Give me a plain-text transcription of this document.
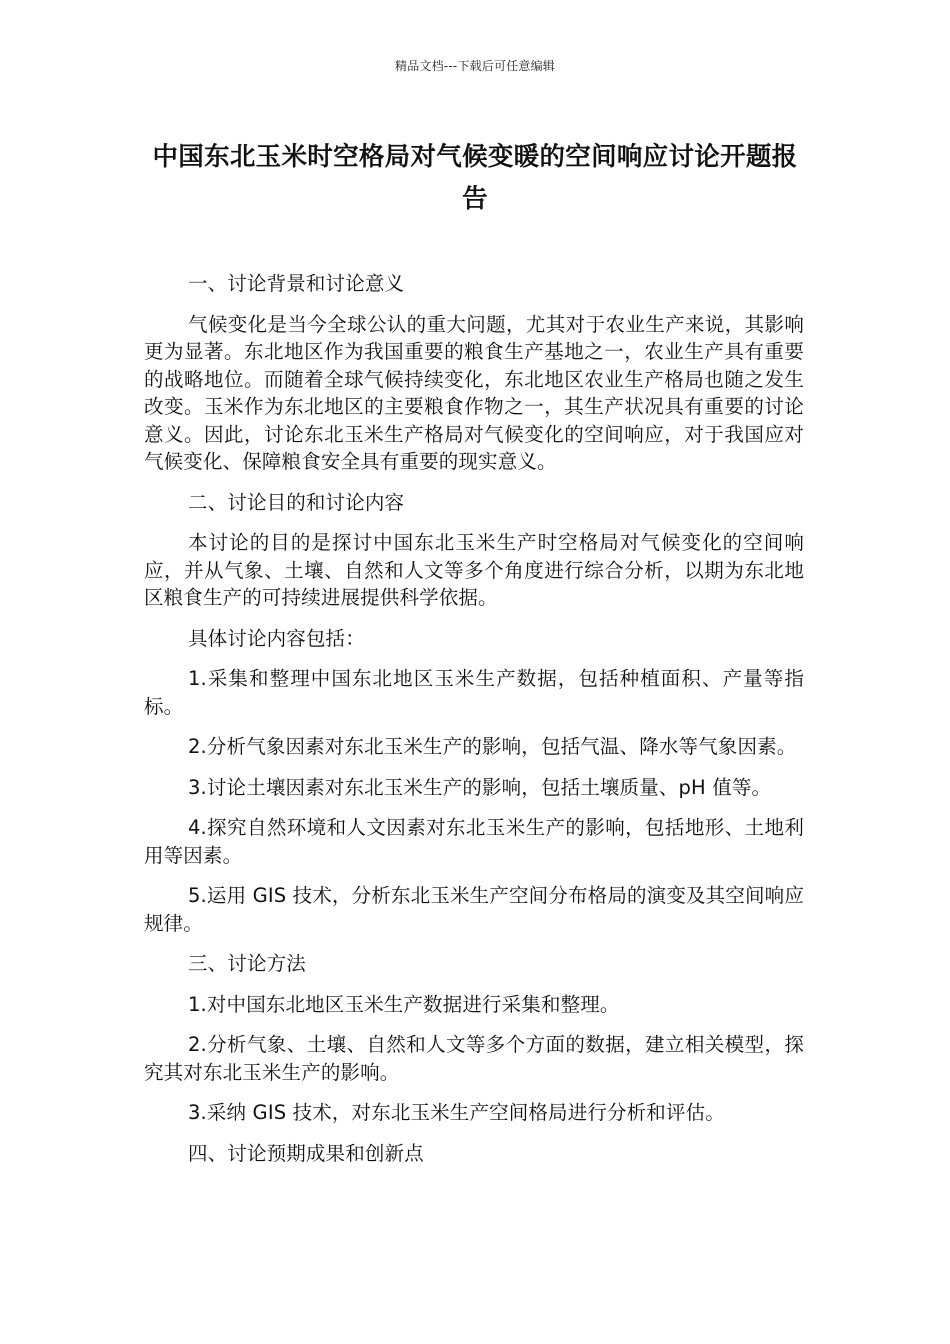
精品文档---下载后可任意编辑
中国东北玉米时空格局对气候变暖的空间响应讨论开题报告

一、讨论背景和讨论意义

气候变化是当今全球公认的重大问题，尤其对于农业生产来说，其影响更为显著。东北地区作为我国重要的粮食生产基地之一，农业生产具有重要的战略地位。而随着全球气候持续变化，东北地区农业生产格局也随之发生改变。玉米作为东北地区的主要粮食作物之一，其生产状况具有重要的讨论意义。因此，讨论东北玉米生产格局对气候变化的空间响应，对于我国应对气候变化、保障粮食安全具有重要的现实意义。

二、讨论目的和讨论内容

本讨论的目的是探讨中国东北玉米生产时空格局对气候变化的空间响应，并从气象、土壤、自然和人文等多个角度进行综合分析，以期为东北地区粮食生产的可持续进展提供科学依据。

具体讨论内容包括：

1.采集和整理中国东北地区玉米生产数据，包括种植面积、产量等指标。

2.分析气象因素对东北玉米生产的影响，包括气温、降水等气象因素。

3.讨论土壤因素对东北玉米生产的影响，包括土壤质量、pH 值等。

4.探究自然环境和人文因素对东北玉米生产的影响，包括地形、土地利用等因素。

5.运用 GIS 技术，分析东北玉米生产空间分布格局的演变及其空间响应规律。

三、讨论方法

1.对中国东北地区玉米生产数据进行采集和整理。

2.分析气象、土壤、自然和人文等多个方面的数据，建立相关模型，探究其对东北玉米生产的影响。

3.采纳 GIS 技术，对东北玉米生产空间格局进行分析和评估。

四、讨论预期成果和创新点
